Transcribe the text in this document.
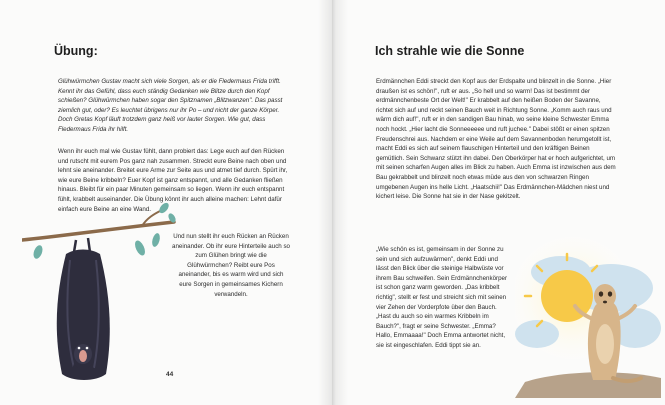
Übung:

Glühwürmchen Gustav macht sich viele Sorgen, als er die Fledermaus Frida trifft. Kennt ihr das Gefühl, dass euch ständig Gedanken wie Blitze durch den Kopf schießen? Glühwürmchen haben sogar den Spitznamen „Blitzwanzen". Das passt ziemlich gut, oder? Es leuchtet übrigens nur ihr Po – und nicht der ganze Körper. Doch Gretas Kopf läuft trotzdem ganz heiß vor lauter Sorgen. Wie gut, dass Fledermaus Frida ihr hilft.

Wenn ihr euch mal wie Gustav fühlt, dann probiert das: Lege euch auf den Rücken und rutscht mit eurem Pos ganz nah zusammen. Streckt eure Beine nach oben und lehnt sie aneinander. Breitet eure Arme zur Seite aus und atmet tief durch. Spürt ihr, wie eure Beine kribbeln? Euer Kopf ist ganz entspannt, und alle Gedanken fließen hinaus. Bleibt für ein paar Minuten gemeinsam so liegen. Wenn ihr euch entspannt fühlt, krabbelt auseinander. Die Übung könnt ihr auch alleine machen: Lehnt dafür einfach eure Beine an eine Wand.

Und nun stellt ihr euch Rücken an Rücken aneinander. Ob ihr eure Hinterteile auch so zum Glühen bringt wie die Glühwürmchen? Reibt eure Pos aneinander, bis es warm wird und sich eure Sorgen in gemeinsames Kichern verwandeln.

44
Ich strahle wie die Sonne

Erdmännchen Eddi streckt den Kopf aus der Erdspalte und blinzelt in die Sonne. „Hier draußen ist es schön!", ruft er aus. „So hell und so warm! Das ist bestimmt der erdmännchenbeste Ort der Welt!" Er krabbelt auf den heißen Boden der Savanne, richtet sich auf und reckt seinen Bauch weit in Richtung Sonne. „Komm auch raus und wärm dich auf!", ruft er in den sandigen Bau hinab, wo seine kleine Schwester Emma noch hockt. „Hier lacht die Sonneeeeee und ruft juchee." Dabei stößt er einen spitzen Freudenschrei aus. Nachdem er eine Weile auf dem Savannenboden herumgetollt ist, macht Eddi es sich auf seinem flauschigen Hinterteil und den kräftigen Beinen gemütlich. Sein Schwanz stützt ihn dabei. Den Oberkörper hat er hoch aufgerichtet, um mit seinen scharfen Augen alles im Blick zu haben. Auch Emma ist inzwischen aus dem Bau gekrabbelt und blinzelt noch etwas müde aus den von schwarzen Ringen umgebenen Augen ins helle Licht. „Haatschii!" Das Erdmännchen-Mädchen niest und kichert leise. Die Sonne hat sie in der Nase gekitzelt.

„Wie schön es ist, gemeinsam in der Sonne zu sein und sich aufzuwärmen", denkt Eddi und lässt den Blick über die steinige Halbwüste vor ihrem Bau schweifen. Sein Erdmännchenkörper ist schon ganz warm geworden. „Das kribbelt richtig", stellt er fest und streicht sich mit seinen vier Zehen der Vorderpfote über den Bauch. „Hast du auch so ein warmes Kribbeln im Bauch?", fragt er seine Schwester. „Emma? Hallo, Emmaaaa!" Doch Emma antwortet nicht, sie ist eingeschlafen. Eddi tippt sie an.
